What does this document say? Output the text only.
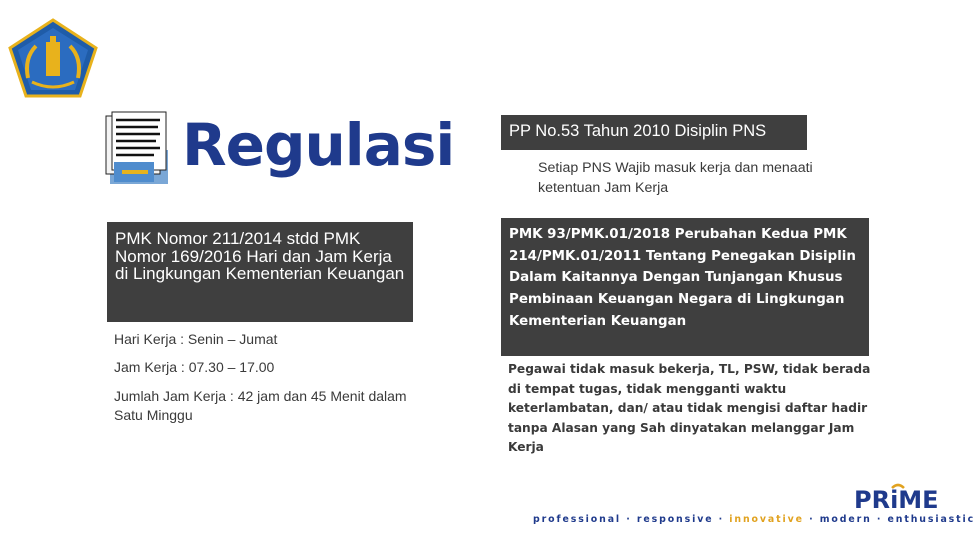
Regulasi
PMK Nomor 211/2014 stdd PMK Nomor 169/2016 Hari dan Jam Kerja di Lingkungan Kementerian Keuangan
Hari Kerja : Senin – Jumat
Jam Kerja : 07.30 – 17.00
Jumlah Jam Kerja : 42 jam dan 45 Menit dalam Satu Minggu
PP No.53 Tahun 2010 Disiplin PNS
Setiap PNS Wajib masuk kerja dan menaati ketentuan Jam Kerja
PMK 93/PMK.01/2018 Perubahan Kedua PMK 214/PMK.01/2011 Tentang Penegakan Disiplin Dalam Kaitannya Dengan Tunjangan Khusus Pembinaan Keuangan Negara di Lingkungan Kementerian Keuangan
Pegawai tidak masuk bekerja, TL, PSW, tidak berada di tempat tugas, tidak mengganti waktu keterlambatan, dan/ atau tidak mengisi daftar hadir tanpa Alasan yang Sah dinyatakan melanggar Jam Kerja
PRiME
professional · responsive · innovative · modern · enthusiastic
